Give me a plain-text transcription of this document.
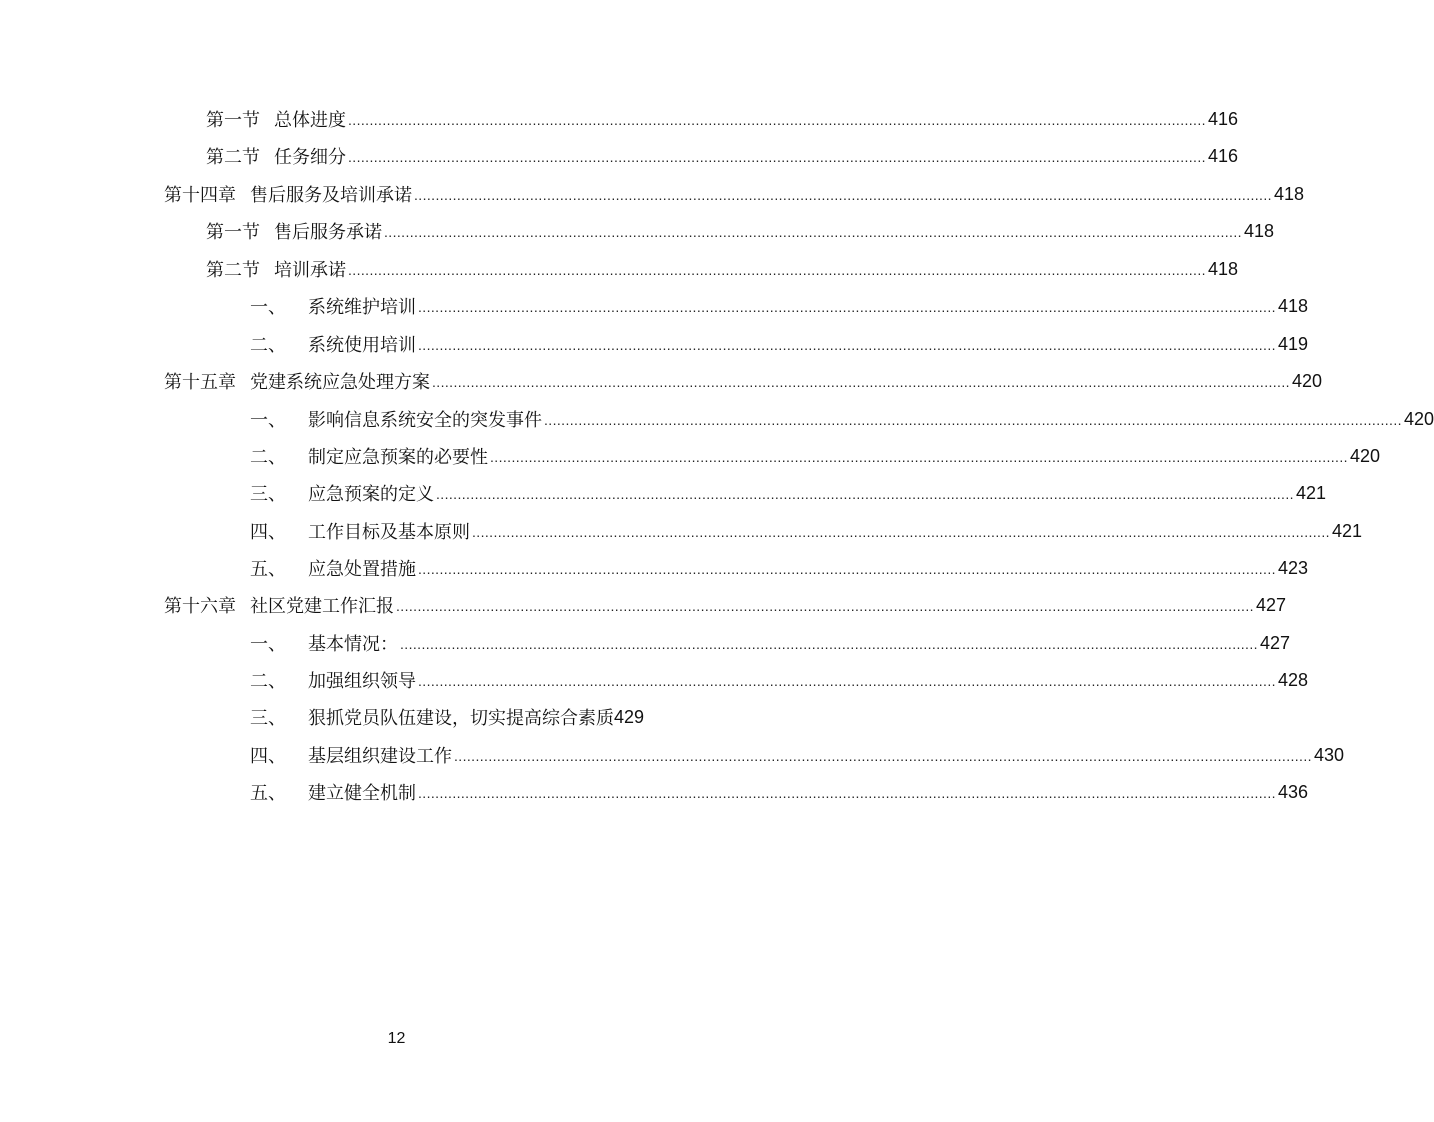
第一节 总体进度 ........................................................................................................................................................................................................ 416
第二节 任务细分 ........................................................................................................................................................................................................ 416
第十四章 售后服务及培训承诺 ........................................................................................................................................................................................................ 418
第一节 售后服务承诺 ........................................................................................................................................................................................................ 418
第二节 培训承诺 ........................................................................................................................................................................................................ 418
一、 系统维护培训 ........................................................................................................................................................................................................ 418
二、 系统使用培训 ........................................................................................................................................................................................................ 419
第十五章 党建系统应急处理方案 ........................................................................................................................................................................................................ 420
一、 影响信息系统安全的突发事件 ........................................................................................................................................................................................................ 420
二、 制定应急预案的必要性 ........................................................................................................................................................................................................ 420
三、 应急预案的定义 ........................................................................................................................................................................................................ 421
四、 工作目标及基本原则 ........................................................................................................................................................................................................ 421
五、 应急处置措施 ........................................................................................................................................................................................................ 423
第十六章 社区党建工作汇报 ........................................................................................................................................................................................................ 427
一、 基本情况： ........................................................................................................................................................................................................ 427
二、 加强组织领导 ........................................................................................................................................................................................................ 428
三、 狠抓党员队伍建设，切实提高综合素质 429
四、 基层组织建设工作 ........................................................................................................................................................................................................ 430
五、 建立健全机制 ........................................................................................................................................................................................................ 436
12
